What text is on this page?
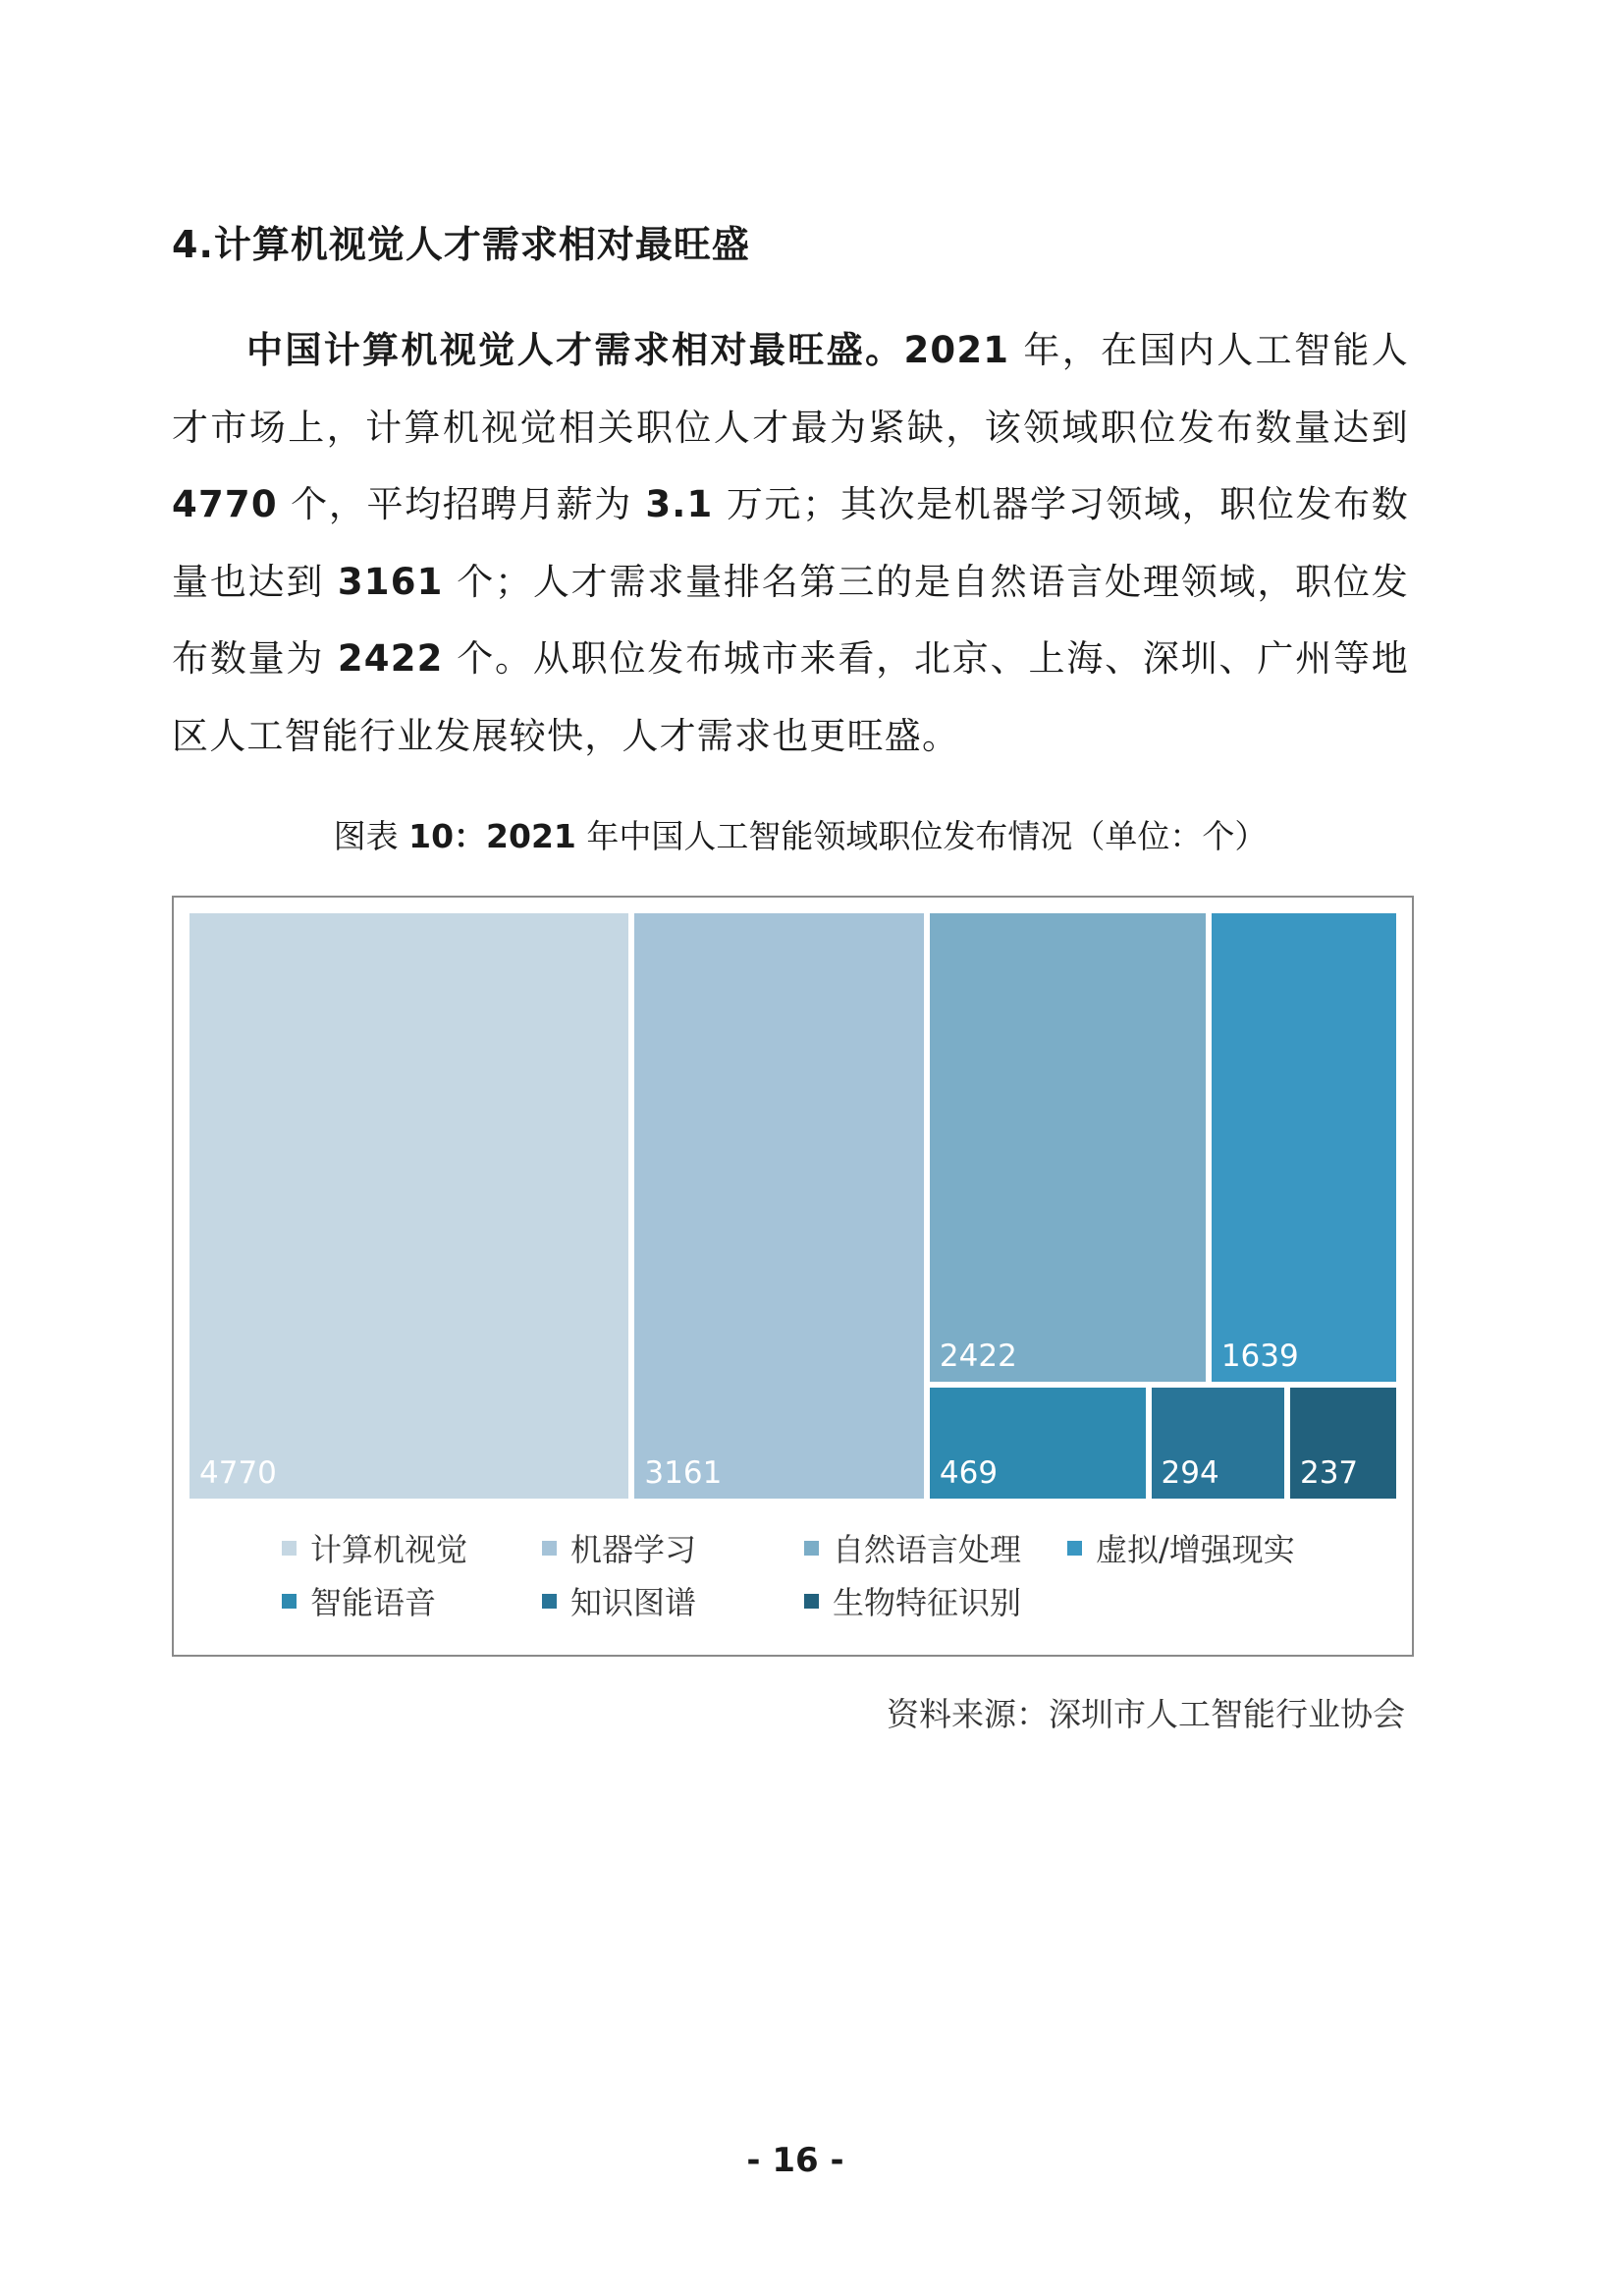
4.计算机视觉人才需求相对最旺盛
中国计算机视觉人才需求相对最旺盛。2021 年，在国内人工智能人才市场上，计算机视觉相关职位人才最为紧缺，该领域职位发布数量达到 4770 个，平均招聘月薪为 3.1 万元；其次是机器学习领域，职位发布数量也达到 3161 个；人才需求量排名第三的是自然语言处理领域，职位发布数量为 2422 个。从职位发布城市来看，北京、上海、深圳、广州等地区人工智能行业发展较快，人才需求也更旺盛。
图表 10：2021 年中国人工智能领域职位发布情况（单位：个）
4770	3161
2422	1639
469	294	237
计算机视觉	机器学习	自然语言处理 虚拟/增强现实
智能语音	知识图谱	生物特征识别
资料来源：深圳市人工智能行业协会
- 16 -
